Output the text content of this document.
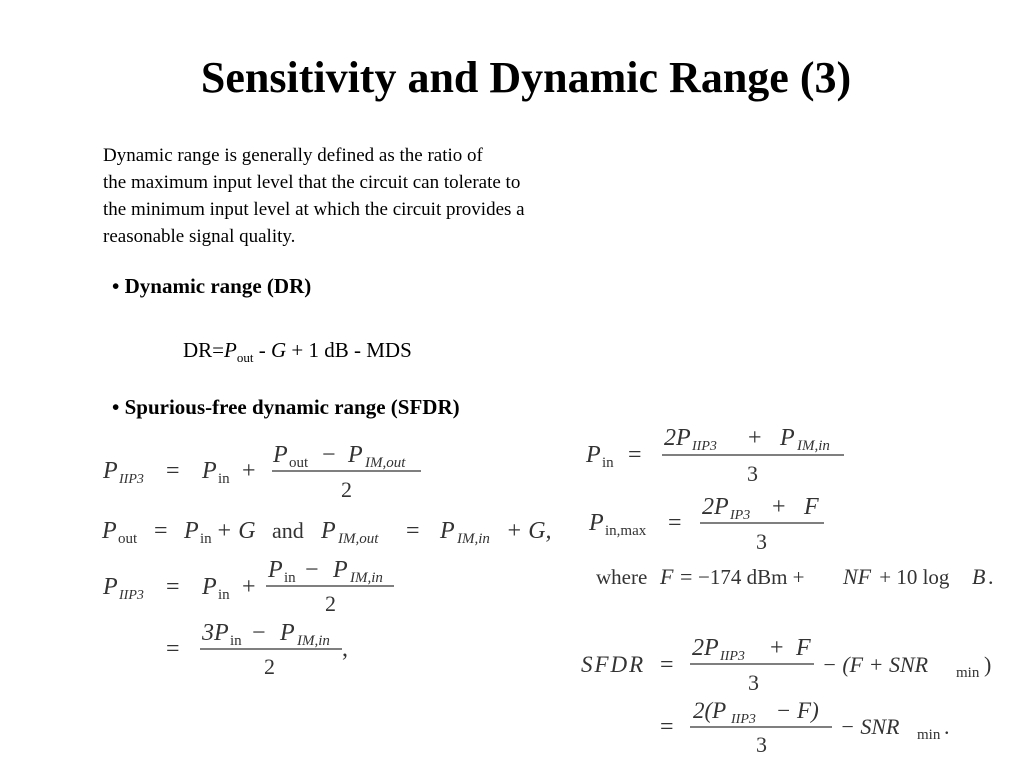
Sensitivity and Dynamic Range (3)
Dynamic range is generally defined as the ratio of
the maximum input level that the circuit can tolerate to
the minimum input level at which the circuit provides a
reasonable signal quality.
• Dynamic range (DR)
$DR=P_{out} - G + 1$ dB - MDS
• Spurious-free dynamic range (SFDR)
P IIP3 = P in +
P out − P IM,out
2
P out = P in + G and P IM,out = P IM,in + G,
P IIP3 = P in +
P in − P IM,in
2
=
3P in − P IM,in
2
,
P in =
2P IIP3 + P IM,in
3
P in,max =
2P IP3 + F
3
where F = −174 dBm + NF + 10 log B .
SFDR =
2P IIP3 + F
3
− (F + SNR min )
=
2(P IIP3 − F)
3
− SNR min .
